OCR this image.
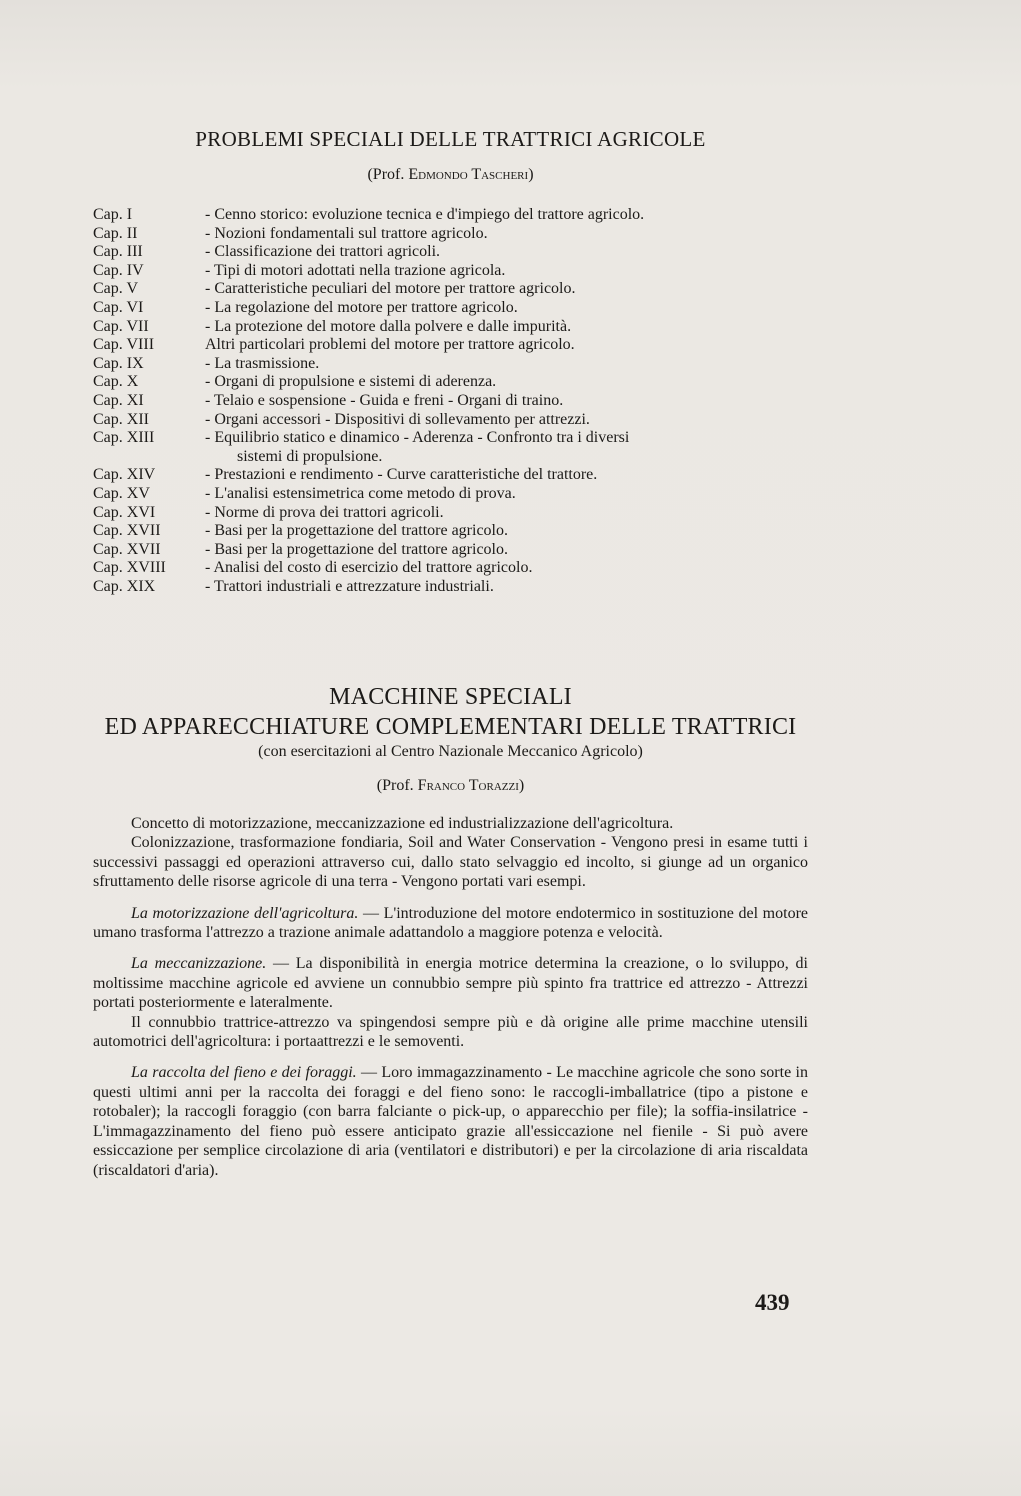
PROBLEMI SPECIALI DELLE TRATTRICI AGRICOLE
(Prof. Edmondo Tascheri)
Cap. I	- Cenno storico: evoluzione tecnica e d'impiego del trattore agricolo.
Cap. II	- Nozioni fondamentali sul trattore agricolo.
Cap. III	- Classificazione dei trattori agricoli.
Cap. IV	- Tipi di motori adottati nella trazione agricola.
Cap. V	- Caratteristiche peculiari del motore per trattore agricolo.
Cap. VI	- La regolazione del motore per trattore agricolo.
Cap. VII	- La protezione del motore dalla polvere e dalle impurità.
Cap. VIII	Altri particolari problemi del motore per trattore agricolo.
Cap. IX	- La trasmissione.
Cap. X	- Organi di propulsione e sistemi di aderenza.
Cap. XI	- Telaio e sospensione - Guida e freni - Organi di traino.
Cap. XII	- Organi accessori - Dispositivi di sollevamento per attrezzi.
Cap. XIII	- Equilibrio statico e dinamico - Aderenza - Confronto tra i diversi
sistemi di propulsione.
Cap. XIV	- Prestazioni e rendimento - Curve caratteristiche del trattore.
Cap. XV	- L'analisi estensimetrica come metodo di prova.
Cap. XVI	- Norme di prova dei trattori agricoli.
Cap. XVII	- Basi per la progettazione del trattore agricolo.
Cap. XVII	- Basi per la progettazione del trattore agricolo.
Cap. XVIII	- Analisi del costo di esercizio del trattore agricolo.
Cap. XIX	- Trattori industriali e attrezzature industriali.
MACCHINE SPECIALI
ED APPARECCHIATURE COMPLEMENTARI DELLE TRATTRICI
(con esercitazioni al Centro Nazionale Meccanico Agricolo)
(Prof. Franco Torazzi)

Concetto di motorizzazione, meccanizzazione ed industrializzazione dell'agricoltura.

Colonizzazione, trasformazione fondiaria, Soil and Water Conservation - Vengono presi in esame tutti i successivi passaggi ed operazioni attraverso cui, dallo stato selvaggio ed incolto, si giunge ad un organico sfruttamento delle risorse agricole di una terra - Vengono portati vari esempi.

La motorizzazione dell'agricoltura. — L'introduzione del motore endotermico in sostituzione del motore umano trasforma l'attrezzo a trazione animale adattandolo a maggiore potenza e velocità.

La meccanizzazione. — La disponibilità in energia motrice determina la creazione, o lo sviluppo, di moltissime macchine agricole ed avviene un connubbio sempre più spinto fra trattrice ed attrezzo - Attrezzi portati posteriormente e lateralmente.

Il connubbio trattrice-attrezzo va spingendosi sempre più e dà origine alle prime macchine utensili automotrici dell'agricoltura: i portaattrezzi e le semoventi.

La raccolta del fieno e dei foraggi. — Loro immagazzinamento - Le macchine agricole che sono sorte in questi ultimi anni per la raccolta dei foraggi e del fieno sono: le raccogli-imballatrice (tipo a pistone e rotobaler); la raccogli foraggio (con barra falciante o pick-up, o apparecchio per file); la soffia-insilatrice - L'immagazzinamento del fieno può essere anticipato grazie all'essiccazione nel fienile - Si può avere essiccazione per semplice circolazione di aria (ventilatori e distributori) e per la circolazione di aria riscaldata (riscaldatori d'aria).

439
